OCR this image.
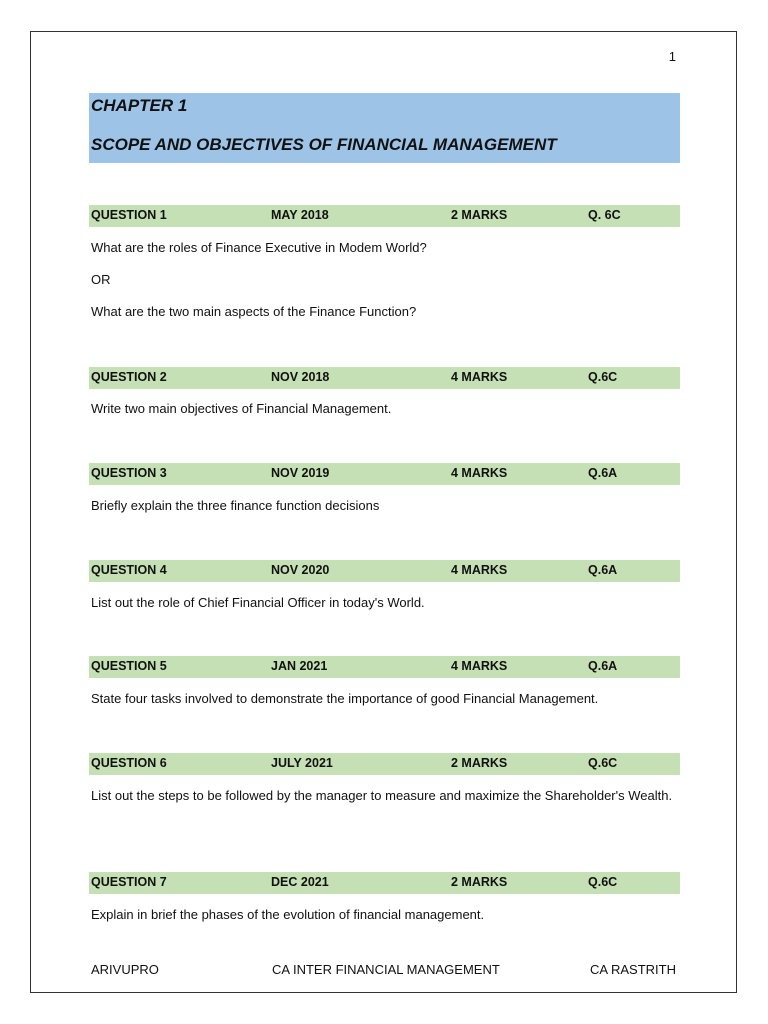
1
CHAPTER 1
SCOPE AND OBJECTIVES OF FINANCIAL MANAGEMENT
QUESTION 1	MAY 2018	2 MARKS	Q. 6C
What are the roles of Finance Executive in Modem World?
OR
What are the two main aspects of the Finance Function?
QUESTION 2	NOV 2018	4 MARKS	Q.6C
Write two main objectives of Financial Management.
QUESTION 3	NOV 2019	4 MARKS	Q.6A
Briefly explain the three finance function decisions
QUESTION 4	NOV 2020	4 MARKS	Q.6A
List out the role of Chief Financial Officer in today's World.
QUESTION 5	JAN 2021	4 MARKS	Q.6A
State four tasks involved to demonstrate the importance of good Financial Management.
QUESTION 6	JULY 2021	2 MARKS	Q.6C
List out the steps to be followed by the manager to measure and maximize the Shareholder's Wealth.
QUESTION 7	DEC 2021	2 MARKS	Q.6C
Explain in brief the phases of the evolution of financial management.
ARIVUPRO	CA INTER FINANCIAL MANAGEMENT	CA RASTRITH
